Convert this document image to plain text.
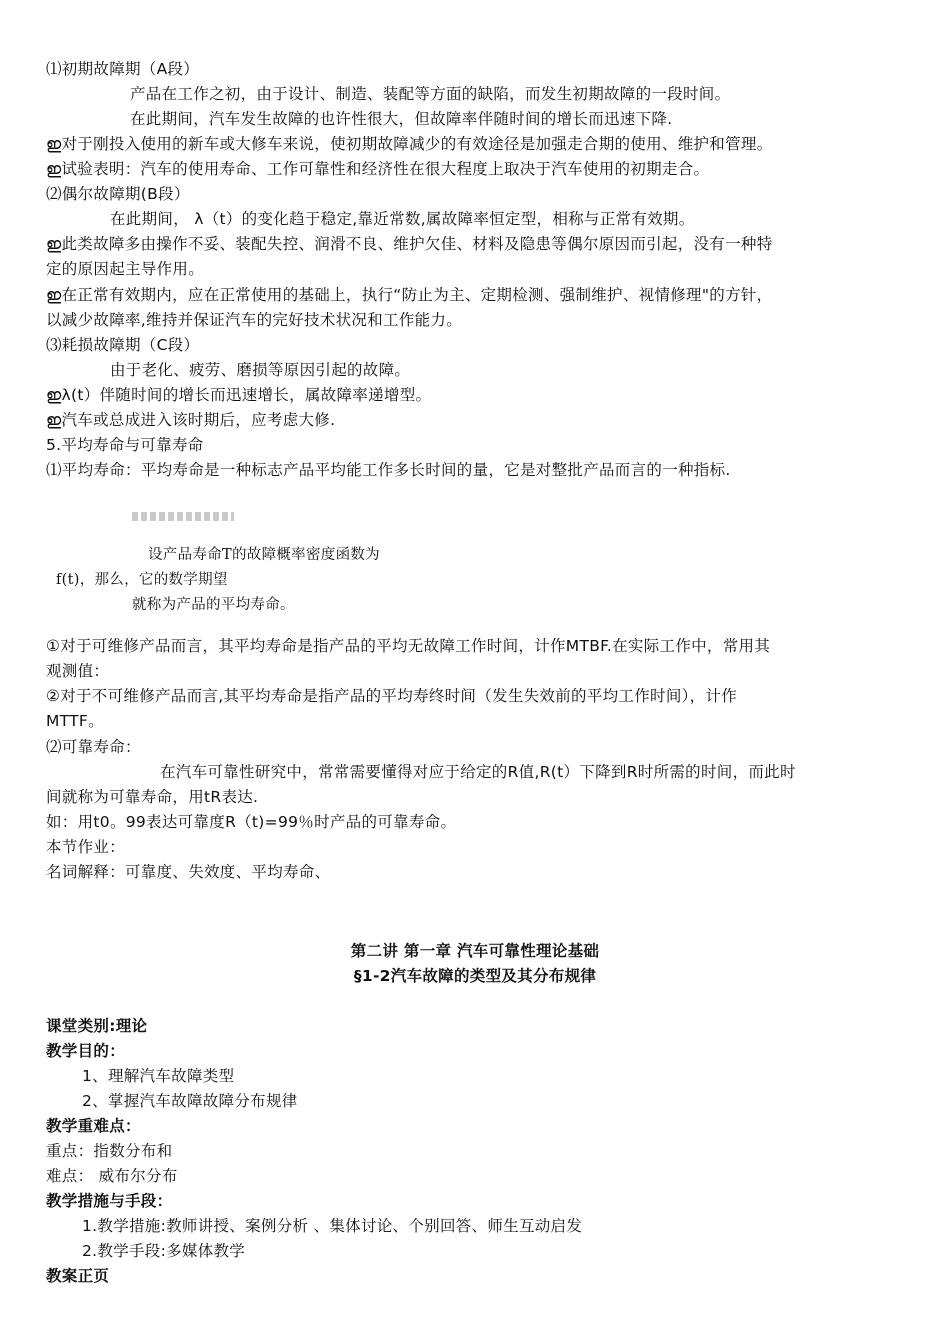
⑴初期故障期（A段）
产品在工作之初，由于设计、制造、装配等方面的缺陷，而发生初期故障的一段时间。
在此期间，汽车发生故障的也许性很大，但故障率伴随时间的增长而迅速下降.
ഇ对于刚投入使用的新车或大修车来说，使初期故障减少的有效途径是加强走合期的使用、维护和管理。
ഇ试验表明：汽车的使用寿命、工作可靠性和经济性在很大程度上取决于汽车使用的初期走合。
⑵偶尔故障期(B段）
在此期间， λ（t）的变化趋于稳定,靠近常数,属故障率恒定型，相称与正常有效期。
ഇ此类故障多由操作不妥、装配失控、润滑不良、维护欠佳、材料及隐患等偶尔原因而引起，没有一种特
定的原因起主导作用。
ഇ在正常有效期内，应在正常使用的基础上，执行“防止为主、定期检测、强制维护、视情修理"的方针，
以减少故障率,维持并保证汽车的完好技术状况和工作能力。
⑶耗损故障期（C段）
由于老化、疲劳、磨损等原因引起的故障。
ഇλ(t）伴随时间的增长而迅速增长，属故障率递增型。
ഇ汽车或总成进入该时期后，应考虑大修.
5.平均寿命与可靠寿命
⑴平均寿命：平均寿命是一种标志产品平均能工作多长时间的量，它是对整批产品而言的一种指标.
设产品寿命T的故障概率密度函数为
f(t)，那么，它的数学期望
就称为产品的平均寿命。
①对于可维修产品而言，其平均寿命是指产品的平均无故障工作时间，计作MTBF.在实际工作中，常用其
观测值：
②对于不可维修产品而言,其平均寿命是指产品的平均寿终时间（发生失效前的平均工作时间），计作
MTTF。
⑵可靠寿命：
在汽车可靠性研究中，常常需要懂得对应于给定的R值,R(t）下降到R时所需的时间，而此时
间就称为可靠寿命，用tR表达.
如：用t0。99表达可靠度R（t)=99％时产品的可靠寿命。
本节作业：
名词解释：可靠度、失效度、平均寿命、
第二讲 第一章 汽车可靠性理论基础
§1-2汽车故障的类型及其分布规律
课堂类别:理论
教学目的：
1、理解汽车故障类型
2、掌握汽车故障故障分布规律
教学重难点：
重点：指数分布和
难点： 威布尔分布
教学措施与手段：
1.教学措施:教师讲授、案例分析 、集体讨论、个别回答、师生互动启发
2.教学手段:多媒体教学
教案正页
